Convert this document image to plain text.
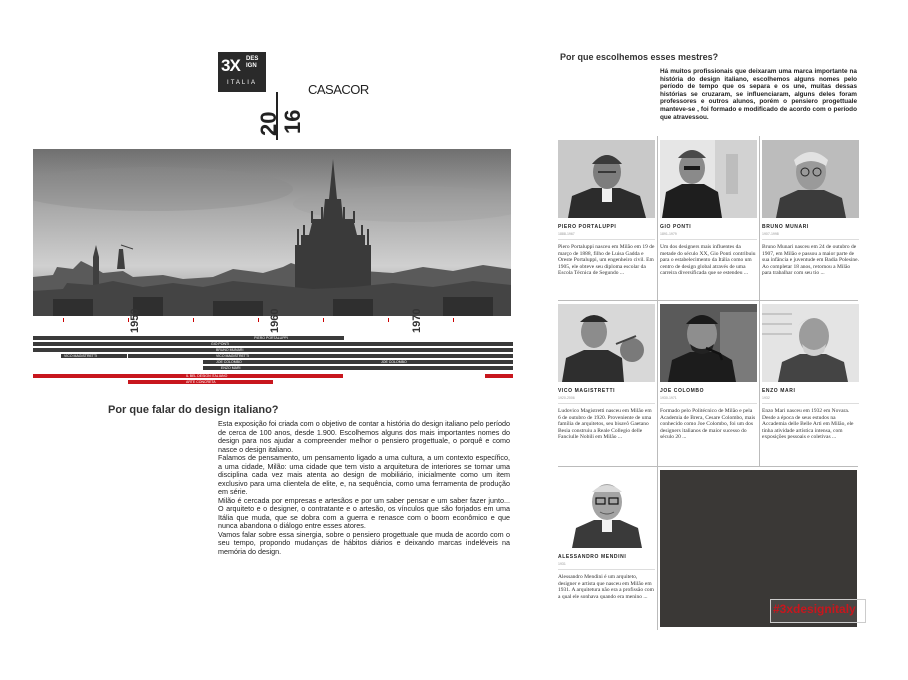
3X DES IGN
ITALIA
20 16
CASACOR
1950	1960	1970
PIERO PORTALUPPI
GIO PONTI
BRUNO MUNARI
VICO MAGISTRETTI	VICO MAGISTRETTI
JOE COLOMBO	JOE COLOMBO
ENZO MARI
IL BEL DESIGN ITALIANO
ARTE CONCRETA
Por que falar do design italiano?

Esta exposição foi criada com o objetivo de contar a história do design italiano pelo período de cerca de 100 anos, desde 1.900. Escolhemos alguns dos mais importantes nomes do design para nos ajudar a compreender melhor o pensiero progettuale, o porquê e como nasce o design italiano.

Falamos de pensamento, um pensamento ligado a uma cultura, a um contexto específico, a uma cidade, Milão: uma cidade que tem visto a arquitetura de interiores se tornar uma disciplina cada vez mais atenta ao design de mobiliário, inicialmente como um item exclusivo para uma clientela de elite, e, na sequência, como uma ferramenta de produção em série.

Milão é cercada por empresas e artesãos e por um saber pensar e um saber fazer junto... O arquiteto e o designer, o contratante e o artesão, os vínculos que são forjados em uma Itália que muda, que se dobra com a guerra e renasce com o boom econômico e que nunca abandona o diálogo entre esses atores.

Vamos falar sobre essa sinergia, sobre o pensiero progettuale que muda de acordo com o seu tempo, propondo mudanças de hábitos diários e deixando marcas indeléveis na memória do design.

Por que escolhemos esses mestres?
Há muitos profissionais que deixaram uma marca importante na história do design italiano, escolhemos alguns nomes pelo período de tempo que os separa e os une, muitas dessas histórias se cruzaram, se influenciaram, alguns deles foram professores e outros alunos, porém o pensiero progettuale manteve-se , foi formado e modificado de acordo com o período que atravessou.
PIERO PORTALUPPI
1888-1967
Piero Portaluppi nasceu em Milão em 19 de março de 1888, filho de Luisa Gadda e Oreste Portaluppi, um engenheiro civil. Em 1905, ele obteve seu diploma escolar da Escola Técnica de Segundo ...
GIO PONTI
1891-1979
Um dos designers mais influentes da metade do século XX, Gio Ponti contribuiu para o estabelecimento da Itália como um centro de design global através de uma carreira diversificada que se estendeu ...
BRUNO MUNARI
1907-1998
Bruno Munari nasceu em 24 de outubro de 1907, em Milão e passou a maior parte de sua infância e juventude em Badia Polesine. Ao completar 18 anos, retornou a Milão para trabalhar com seu tio ...
VICO MAGISTRETTI
1920-2006
Ludovico Magistretti nasceu em Milão em 6 de outubro de 1920. Proveniente de uma família de arquitetos, seu bisavô Gaetano Besia construiu a Reale Collegio delle Fanciulle Nobili em Milão ...
JOE COLOMBO
1930-1971
Formado pelo Politécnico de Milão e pela Academia de Brera, Cesare Colombo, mais conhecido como Joe Colombo, foi um dos designers italianos de maior sucesso do século 20 ...
ENZO MARI
1932
Enzo Mari nasceu em 1932 em Novara. Desde a época de seus estudos na Accademia delle Belle Arti em Milão, ele tinha atividade artística intensa, com exposições pessoais e coletivas ...
ALESSANDRO MENDINI
1931
Alessandro Mendini é um arquiteto, designer e artista que nasceu em Milão em 1931. A arquitetura não era a profissão com a qual ele sonhava quando era menino ...
#3xdesignitaly
